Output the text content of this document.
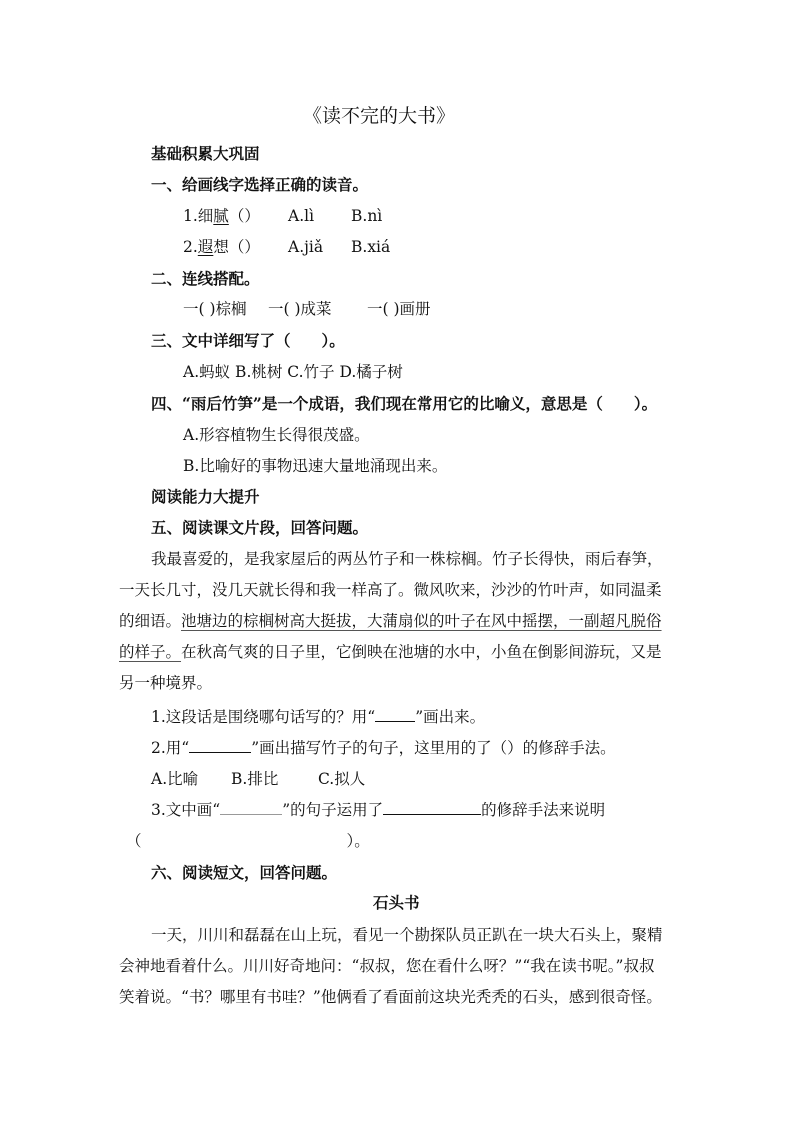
《读不完的大书》
基础积累大巩固
一、给画线字选择正确的读音。
1.细腻（） A.lì B.nì
2.遐想（） A.jiǎ B.xiá
二、连线搭配。
一( )棕榈 一( )成菜 一( )画册
三、文中详细写了（　　）。
A.蚂蚁 B.桃树 C.竹子 D.橘子树
四、“雨后竹笋”是一个成语，我们现在常用它的比喻义，意思是（　　）。
A.形容植物生长得很茂盛。
B.比喻好的事物迅速大量地涌现出来。
阅读能力大提升
五、阅读课文片段，回答问题。
我最喜爱的，是我家屋后的两丛竹子和一株棕榈。竹子长得快，雨后春笋，
一天长几寸，没几天就长得和我一样高了。微风吹来，沙沙的竹叶声，如同温柔
的细语。池塘边的棕榈树高大挺拔，大蒲扇似的叶子在风中摇摆，一副超凡脱俗
的样子。在秋高气爽的日子里，它倒映在池塘的水中，小鱼在倒影间游玩，又是
另一种境界。
1.这段话是围绕哪句话写的？用“	”画出来。
2.用“	”画出描写竹子的句子，这里用的了（）的修辞手法。
A.比喻 B.排比	C.拟人
3.文中画“	”的句子运用了	的修辞手法来说明
（	）。
六、阅读短文，回答问题。
石头书
一天，川川和磊磊在山上玩，看见一个勘探队员正趴在一块大石头上，聚精
会神地看着什么。川川好奇地问：“叔叔，您在看什么呀？”“我在读书呢。”叔叔
笑着说。“书？哪里有书哇？”他俩看了看面前这块光秃秃的石头，感到很奇怪。
